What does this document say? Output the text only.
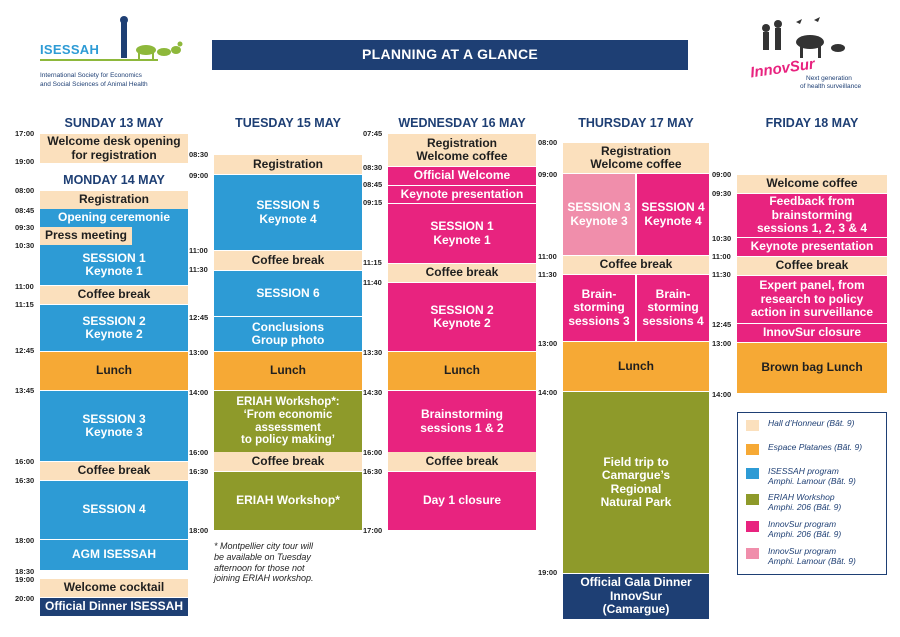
ISESSAH
International Society for Economics
and Social Sciences of Animal Health
PLANNING AT A GLANCE
InnovSur
Next generation
of health surveillance
SUNDAY 13 MAY
17:00
19:00
Welcome desk opening
for registration
MONDAY 14 MAY
08:00
08:45
09:30
10:30
11:00
11:15
12:45
13:45
16:00
16:30
18:00
18:30
19:00
20:00
Registration
Opening ceremonie
Press meeting
SESSION 1
Keynote 1
Coffee break
SESSION 2
Keynote 2
Lunch
SESSION 3
Keynote 3
Coffee break
SESSION 4
AGM ISESSAH
Welcome cocktail
Official Dinner ISESSAH
TUESDAY 15 MAY
08:30
09:00
11:00
11:30
12:45
13:00
14:00
16:00
16:30
18:00
Registration
SESSION 5
Keynote 4
Coffee break
SESSION 6
Conclusions
Group photo
Lunch
ERIAH Workshop*:
‘From economic
assessment
to policy making’
Coffee break
ERIAH Workshop*
* Montpellier city tour will
be available on Tuesday
afternoon for those not
joining ERIAH workshop.
WEDNESDAY 16 MAY
07:45
08:30
08:45
09:15
11:15
11:40
13:30
14:30
16:00
16:30
17:00
Registration
Welcome coffee
Official Welcome
Keynote presentation
SESSION 1
Keynote 1
Coffee break
SESSION 2
Keynote 2
Lunch
Brainstorming
sessions 1 & 2
Coffee break
Day 1 closure
THURSDAY 17 MAY
08:00
09:00
11:00
11:30
13:00
14:00
19:00
Registration
Welcome coffee
SESSION 3
Keynote 3
SESSION 4
Keynote 4
Coffee break
Brain-
storming
sessions 3
Brain-
storming
sessions 4
Lunch
Field trip to
Camargue’s
Regional
Natural Park
Official Gala Dinner
InnovSur
(Camargue)
FRIDAY 18 MAY
09:00
09:30
10:30
11:00
11:30
12:45
13:00
14:00
Welcome coffee
Feedback from
brainstorming
sessions 1, 2, 3 & 4
Keynote presentation
Coffee break
Expert panel, from
research to policy
action in surveillance
InnovSur closure
Brown bag Lunch
Hall d’Honneur (Bât. 9)
Espace Platanes (Bât. 9)
ISESSAH program
Amphi. Lamour (Bât. 9)
ERIAH Workshop
Amphi. 206 (Bât. 9)
InnovSur program
Amphi. 206 (Bât. 9)
InnovSur program
Amphi. Lamour (Bât. 9)
